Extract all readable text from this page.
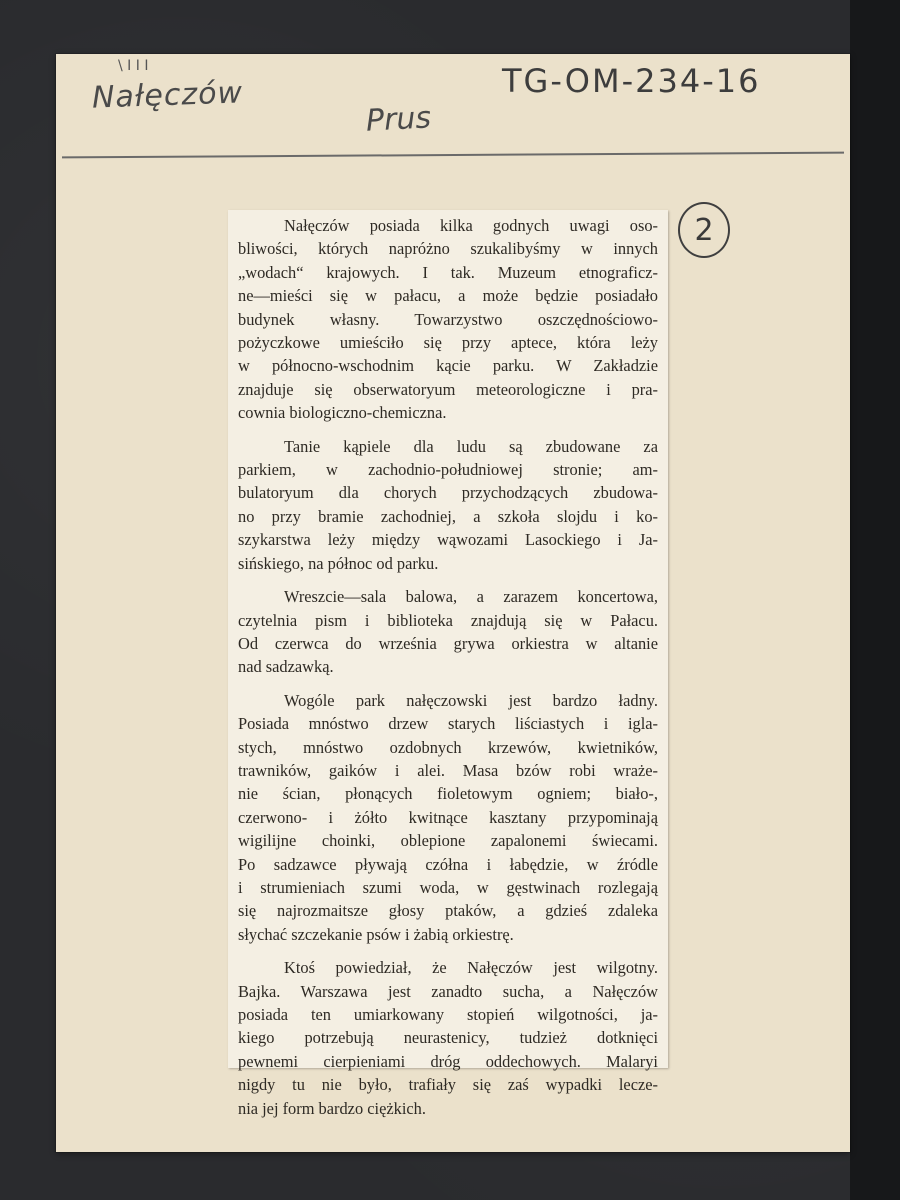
\ I I I
Nałęczów
Prus
TG-OM-234-16
2
Nałęczów posiada kilka godnych uwagi oso-
bliwości, których napróżno szukalibyśmy w innych
„wodach“ krajowych. I tak. Muzeum etnograficz-
ne—mieści się w pałacu, a może będzie posiadało
budynek własny. Towarzystwo oszczędnościowo-
pożyczkowe umieściło się przy aptece, która leży
w północno-wschodnim kącie parku. W Zakładzie
znajduje się obserwatoryum meteorologiczne i pra-
cownia biologiczno-chemiczna.
Tanie kąpiele dla ludu są zbudowane za
parkiem, w zachodnio-południowej stronie; am-
bulatoryum dla chorych przychodzących zbudowa-
no przy bramie zachodniej, a szkoła slojdu i ko-
szykarstwa leży między wąwozami Lasockiego i Ja-
sińskiego, na północ od parku.
Wreszcie—sala balowa, a zarazem koncertowa,
czytelnia pism i biblioteka znajdują się w Pałacu.
Od czerwca do września grywa orkiestra w altanie
nad sadzawką.
Wogóle park nałęczowski jest bardzo ładny.
Posiada mnóstwo drzew starych liściastych i igla-
stych, mnóstwo ozdobnych krzewów, kwietników,
trawników, gaików i alei. Masa bzów robi wraże-
nie ścian, płonących fioletowym ogniem; biało-,
czerwono- i żółto kwitnące kasztany przypominają
wigilijne choinki, oblepione zapalonemi świecami.
Po sadzawce pływają czółna i łabędzie, w źródle
i strumieniach szumi woda, w gęstwinach rozlegają
się najrozmaitsze głosy ptaków, a gdzieś zdaleka
słychać szczekanie psów i żabią orkiestrę.
Ktoś powiedział, że Nałęczów jest wilgotny.
Bajka. Warszawa jest zanadto sucha, a Nałęczów
posiada ten umiarkowany stopień wilgotności, ja-
kiego potrzebują neurastenicy, tudzież dotknięci
pewnemi cierpieniami dróg oddechowych. Malaryi
nigdy tu nie było, trafiały się zaś wypadki lecze-
nia jej form bardzo ciężkich.
